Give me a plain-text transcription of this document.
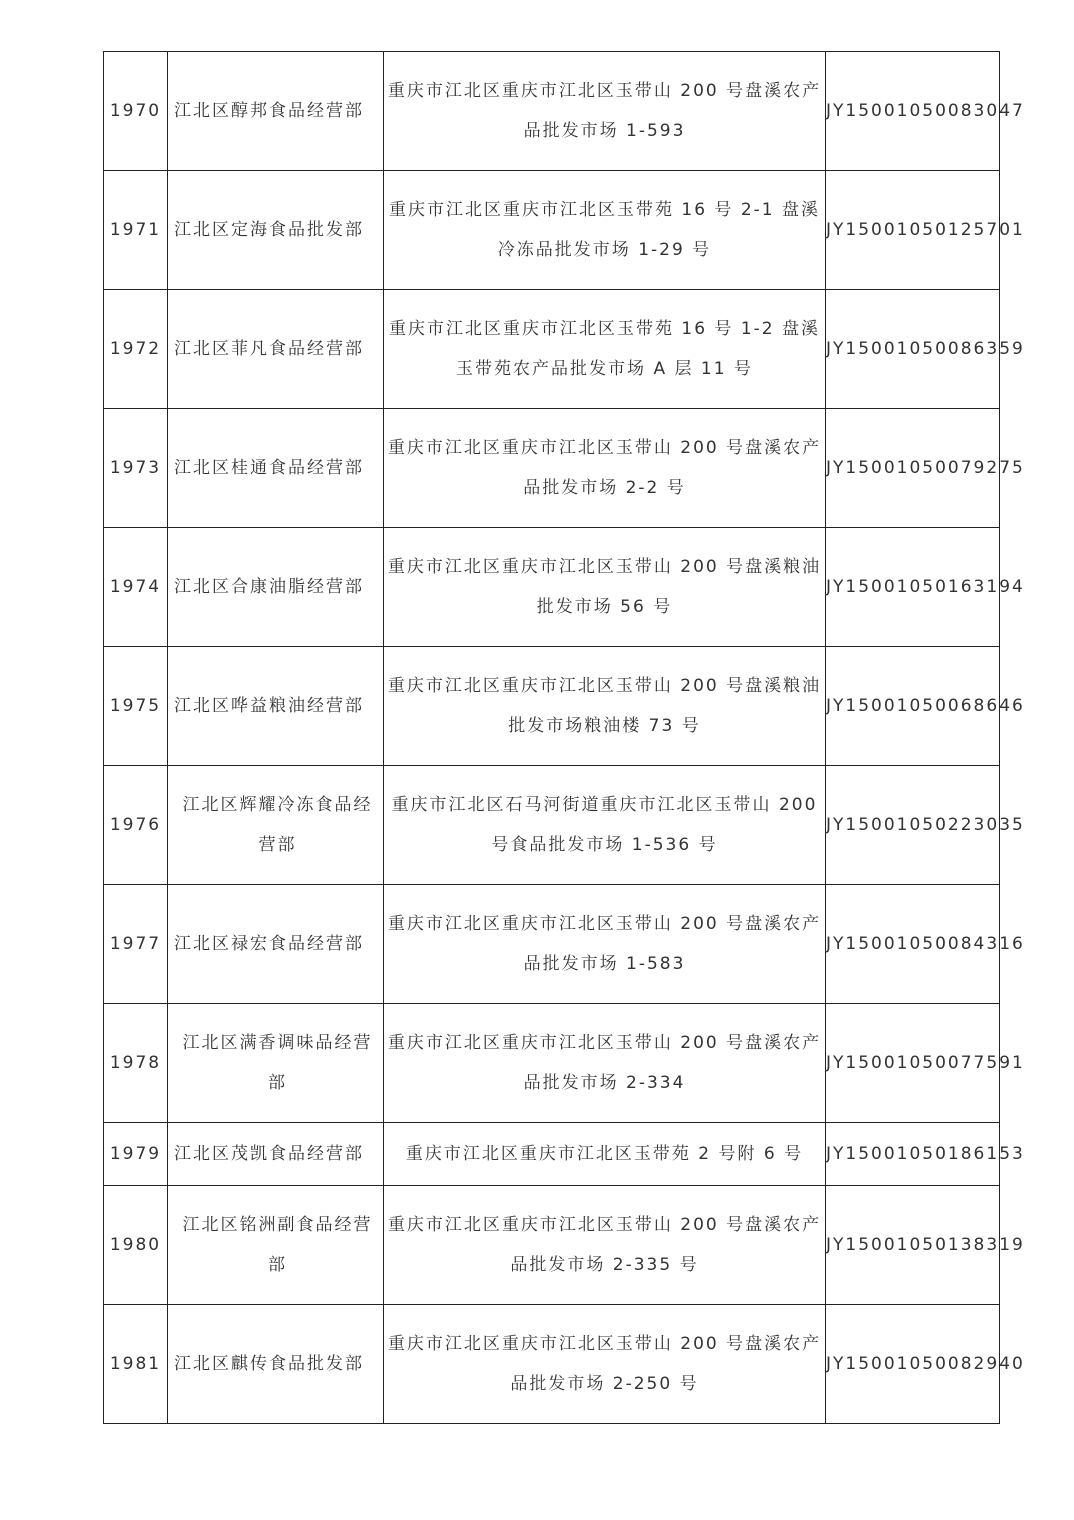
1970	江北区醇邦食品经营部	重庆市江北区重庆市江北区玉带山 200 号盘溪农产品批发市场 1-593	JY15001050083047
1971	江北区定海食品批发部	重庆市江北区重庆市江北区玉带苑 16 号 2-1 盘溪冷冻品批发市场 1-29 号	JY15001050125701
1972	江北区菲凡食品经营部	重庆市江北区重庆市江北区玉带苑 16 号 1-2 盘溪玉带苑农产品批发市场 A 层 11 号	JY15001050086359
1973	江北区桂通食品经营部	重庆市江北区重庆市江北区玉带山 200 号盘溪农产品批发市场 2-2 号	JY15001050079275
1974	江北区合康油脂经营部	重庆市江北区重庆市江北区玉带山 200 号盘溪粮油批发市场 56 号	JY15001050163194
1975	江北区哗益粮油经营部	重庆市江北区重庆市江北区玉带山 200 号盘溪粮油批发市场粮油楼 73 号	JY15001050068646
1976	江北区辉耀冷冻食品经营部	重庆市江北区石马河街道重庆市江北区玉带山 200 号食品批发市场 1-536 号	JY15001050223035
1977	江北区禄宏食品经营部	重庆市江北区重庆市江北区玉带山 200 号盘溪农产品批发市场 1-583	JY15001050084316
1978	江北区满香调味品经营部	重庆市江北区重庆市江北区玉带山 200 号盘溪农产品批发市场 2-334	JY15001050077591
1979	江北区茂凯食品经营部	重庆市江北区重庆市江北区玉带苑 2 号附 6 号	JY15001050186153
1980	江北区铭洲副食品经营部	重庆市江北区重庆市江北区玉带山 200 号盘溪农产品批发市场 2-335 号	JY15001050138319
1981	江北区麒传食品批发部	重庆市江北区重庆市江北区玉带山 200 号盘溪农产品批发市场 2-250 号	JY15001050082940
